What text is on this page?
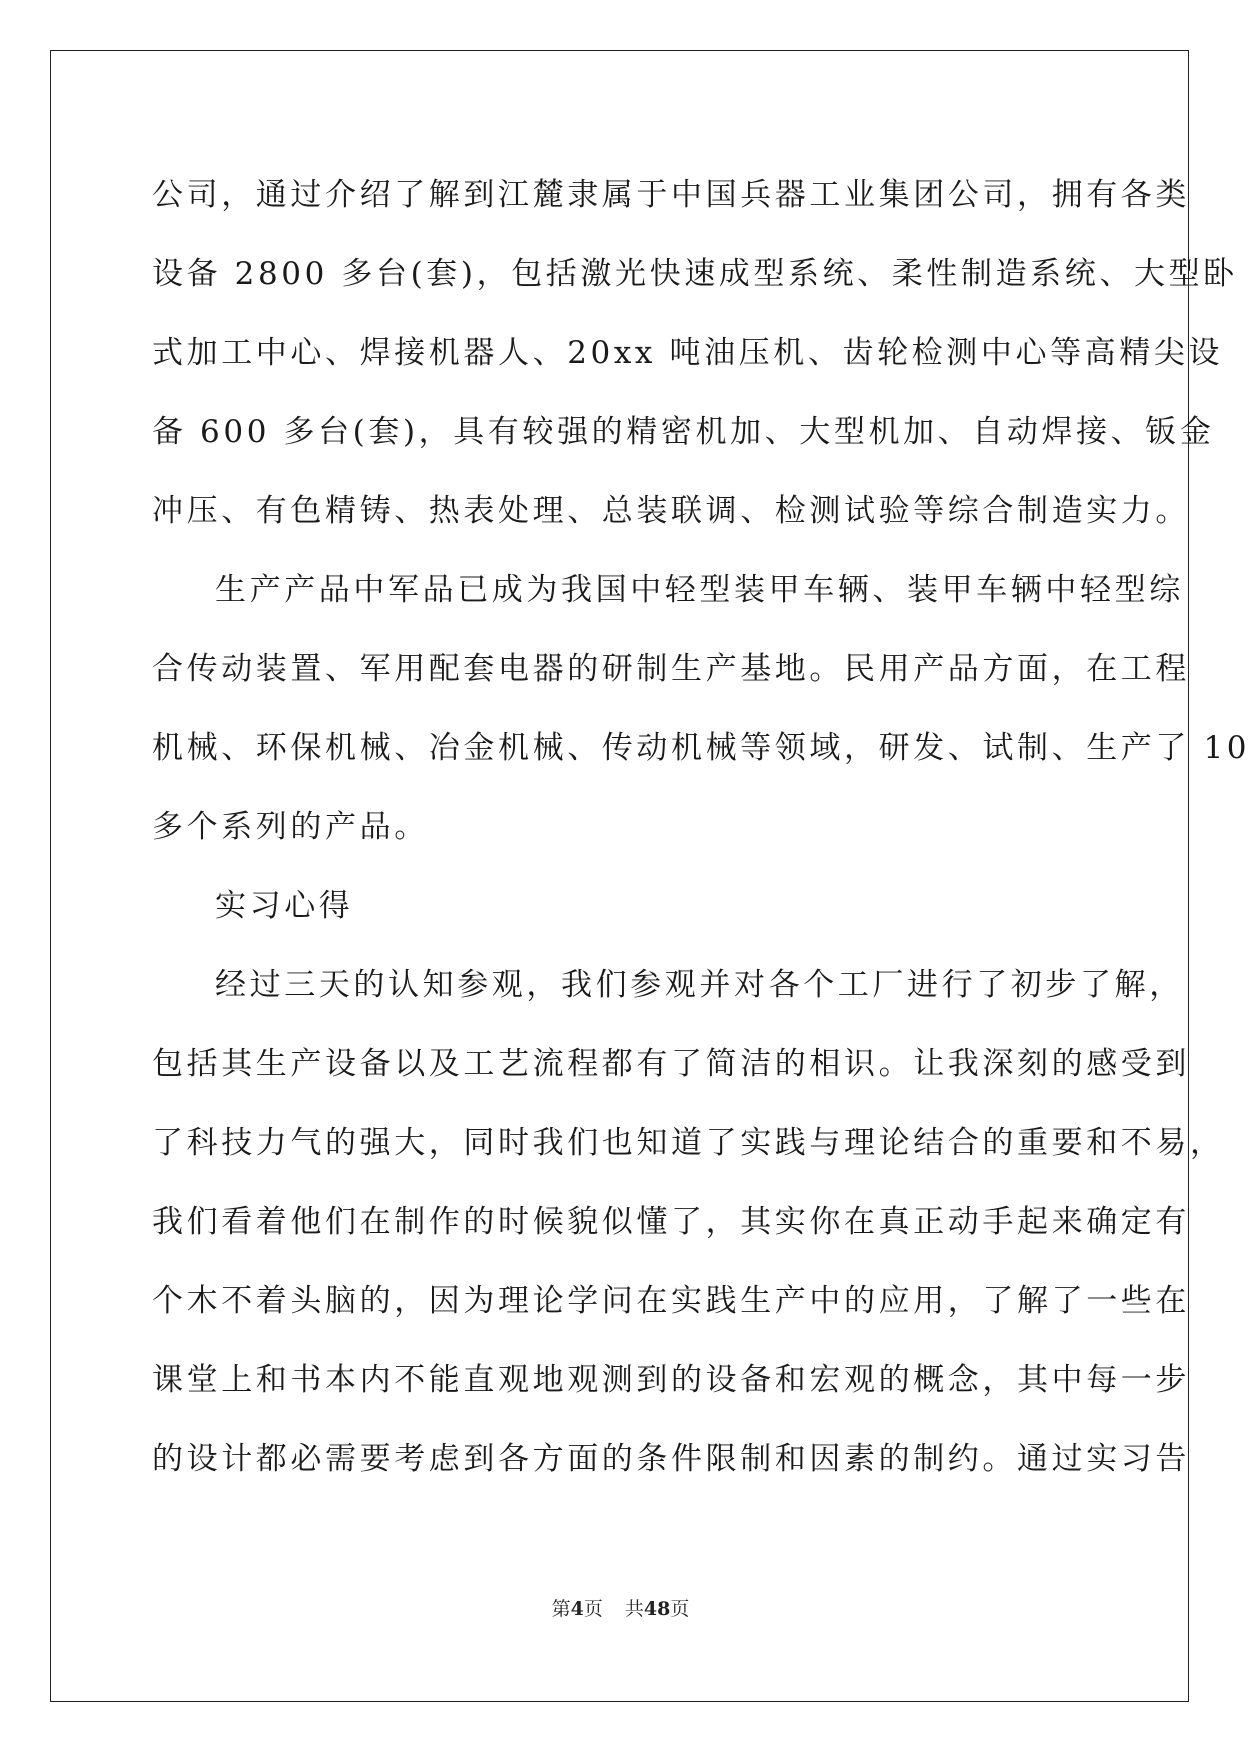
公司，通过介绍了解到江麓隶属于中国兵器工业集团公司，拥有各类
设备 2800 多台(套)，包括激光快速成型系统、柔性制造系统、大型卧
式加工中心、焊接机器人、20xx 吨油压机、齿轮检测中心等高精尖设
备 600 多台(套)，具有较强的精密机加、大型机加、自动焊接、钣金
冲压、有色精铸、热表处理、总装联调、检测试验等综合制造实力。
生产产品中军品已成为我国中轻型装甲车辆、装甲车辆中轻型综
合传动装置、军用配套电器的研制生产基地。民用产品方面，在工程
机械、环保机械、冶金机械、传动机械等领域，研发、试制、生产了 10
多个系列的产品。
实习心得
经过三天的认知参观，我们参观并对各个工厂进行了初步了解，
包括其生产设备以及工艺流程都有了简洁的相识。让我深刻的感受到
了科技力气的强大，同时我们也知道了实践与理论结合的重要和不易，
我们看着他们在制作的时候貌似懂了，其实你在真正动手起来确定有
个木不着头脑的，因为理论学问在实践生产中的应用，了解了一些在
课堂上和书本内不能直观地观测到的设备和宏观的概念，其中每一步
的设计都必需要考虑到各方面的条件限制和因素的制约。通过实习告
第4页 共48页
